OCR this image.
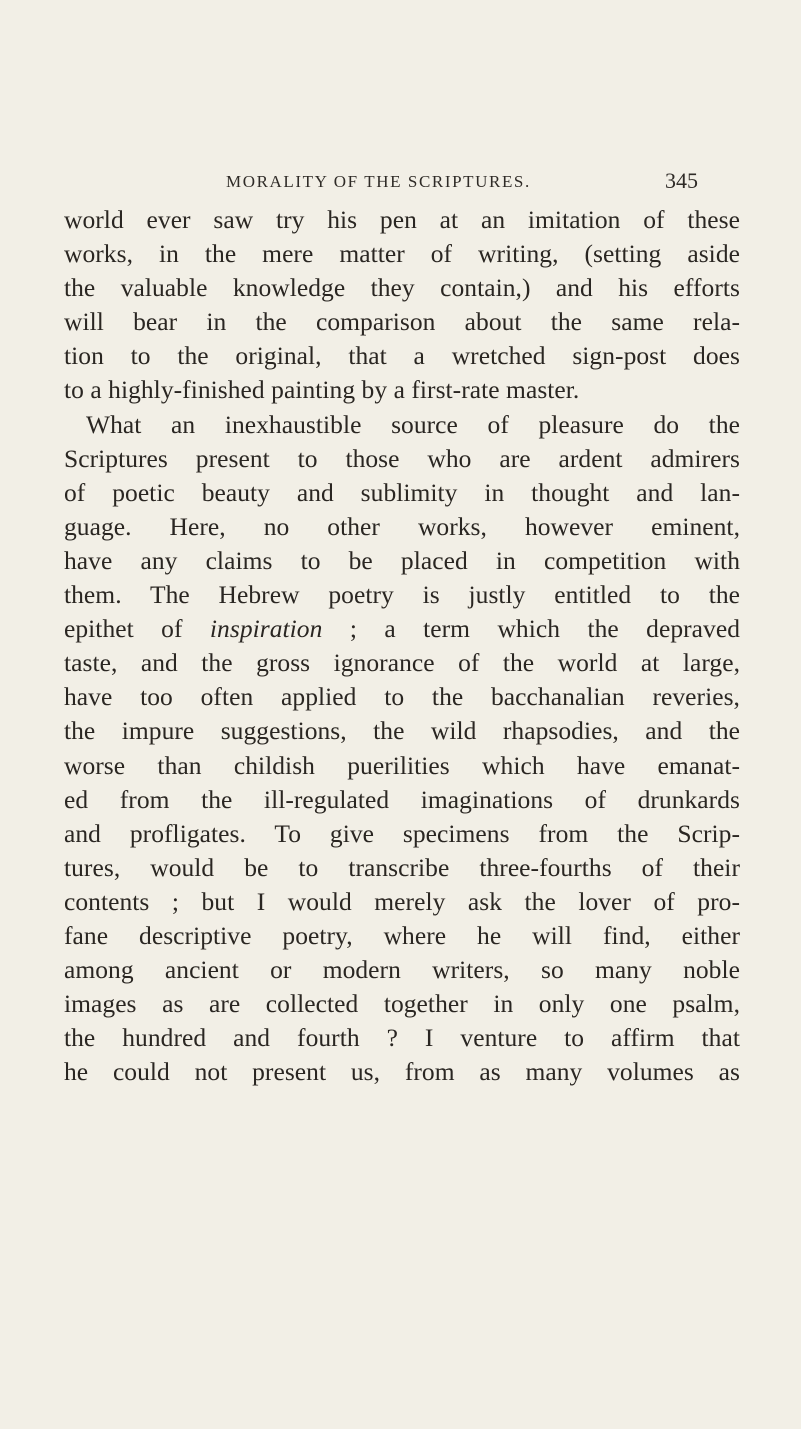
MORALITY OF THE SCRIPTURES.	345
world ever saw try his pen at an imitation of these
works, in the mere matter of writing, (setting aside
the valuable knowledge they contain,) and his efforts
will bear in the comparison about the same rela-
tion to the original, that a wretched sign-post does
to a highly-finished painting by a first-rate master.
What an inexhaustible source of pleasure do the
Scriptures present to those who are ardent admirers
of poetic beauty and sublimity in thought and lan-
guage. Here, no other works, however eminent,
have any claims to be placed in competition with
them. The Hebrew poetry is justly entitled to the
epithet of inspiration ; a term which the depraved
taste, and the gross ignorance of the world at large,
have too often applied to the bacchanalian reveries,
the impure suggestions, the wild rhapsodies, and the
worse than childish puerilities which have emanat-
ed from the ill-regulated imaginations of drunkards
and profligates. To give specimens from the Scrip-
tures, would be to transcribe three-fourths of their
contents ; but I would merely ask the lover of pro-
fane descriptive poetry, where he will find, either
among ancient or modern writers, so many noble
images as are collected together in only one psalm,
the hundred and fourth ? I venture to affirm that
he could not present us, from as many volumes as
